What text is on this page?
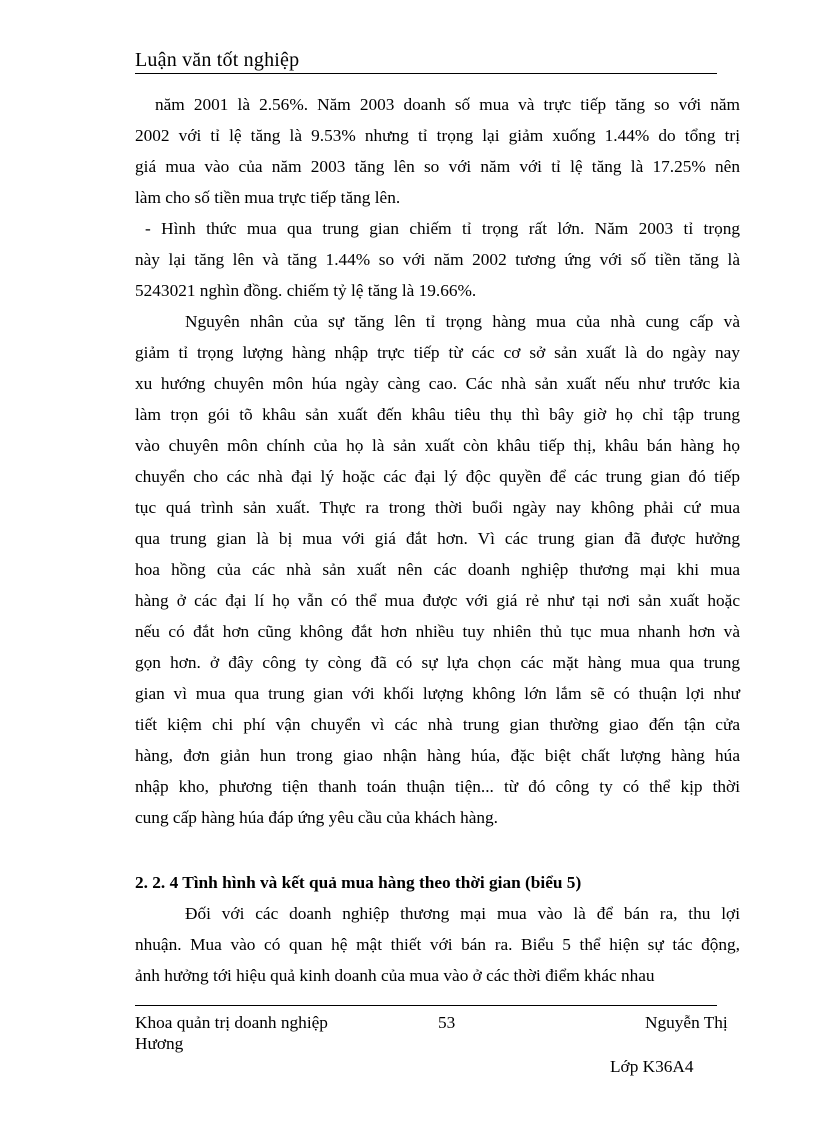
Luận văn tốt nghiệp
năm 2001 là 2.56%. Năm 2003 doanh số mua và trực tiếp tăng so với năm
2002 với tỉ lệ tăng là 9.53% nhưng tỉ trọng lại giảm xuống 1.44% do tổng trị
giá mua vào của năm 2003 tăng lên so với năm với tỉ lệ tăng là 17.25% nên
làm cho số tiền mua trực tiếp tăng lên.
- Hình thức mua qua trung gian chiếm tỉ trọng rất lớn. Năm 2003 tỉ trọng
này lại tăng lên và tăng 1.44% so với năm 2002 tương ứng với số tiền tăng là
5243021 nghìn đồng. chiếm tỷ lệ tăng là 19.66%.
Nguyên nhân của sự tăng lên tỉ trọng hàng mua của nhà cung cấp và
giảm tỉ trọng lượng hàng nhập trực tiếp từ các cơ sở sản xuất là do ngày nay
xu hướng chuyên môn húa ngày càng cao. Các nhà sản xuất nếu như trước kia
làm trọn gói tõ khâu sản xuất đến khâu tiêu thụ thì bây giờ họ chỉ tập trung
vào chuyên môn chính của họ là sản xuất còn khâu tiếp thị, khâu bán hàng họ
chuyển cho các nhà đại lý hoặc các đại lý độc quyền để các trung gian đó tiếp
tục quá trình sản xuất. Thực ra trong thời buổi ngày nay không phải cứ mua
qua trung gian là bị mua với giá đắt hơn. Vì các trung gian đã được hưởng
hoa hồng của các nhà sản xuất nên các doanh nghiệp thương mại khi mua
hàng ở các đại lí họ vẫn có thể mua được với giá rẻ như tại nơi sản xuất hoặc
nếu có đắt hơn cũng không đắt hơn nhiều tuy nhiên thủ tục mua nhanh hơn và
gọn hơn. ở đây công ty còng đã có sự lựa chọn các mặt hàng mua qua trung
gian vì mua qua trung gian với khối lượng không lớn lắm sẽ có thuận lợi như
tiết kiệm chi phí vận chuyển vì các nhà trung gian thường giao đến tận cửa
hàng, đơn giản hun trong giao nhận hàng húa, đặc biệt chất lượng hàng húa
nhập kho, phương tiện thanh toán thuận tiện... từ đó công ty có thể kịp thời
cung cấp hàng húa đáp ứng yêu cầu của khách hàng.
2. 2. 4 Tình hình và kết quả mua hàng theo thời gian (biểu 5)
Đối với các doanh nghiệp thương mại mua vào là để bán ra, thu lợi
nhuận. Mua vào có quan hệ mật thiết với bán ra. Biểu 5 thể hiện sự tác động,
ảnh hưởng tới hiệu quả kinh doanh của mua vào ở các thời điểm khác nhau
Khoa quản trị doanh nghiệp	53	Nguyễn Thị
Hương
Lớp K36A4
